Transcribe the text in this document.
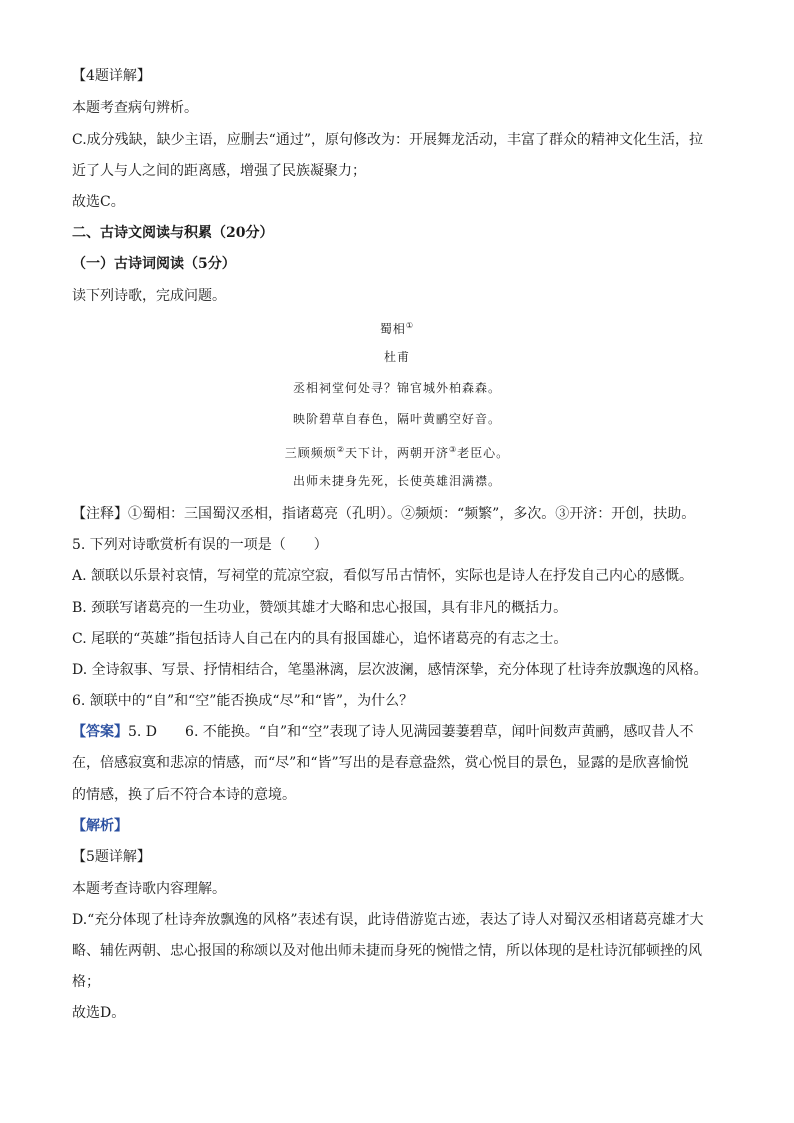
【4题详解】
本题考查病句辨析。
C.成分残缺，缺少主语，应删去“通过”，原句修改为：开展舞龙活动，丰富了群众的精神文化生活，拉
近了人与人之间的距离感，增强了民族凝聚力；
故选C。
二、古诗文阅读与积累（20分）
（一）古诗词阅读（5分）
读下列诗歌，完成问题。
蜀相①
杜甫
丞相祠堂何处寻？锦官城外柏森森。
映阶碧草自春色，隔叶黄鹂空好音。
三顾频烦②天下计，两朝开济③老臣心。
出师未捷身先死，长使英雄泪满襟。
【注释】①蜀相：三国蜀汉丞相，指诸葛亮（孔明）。②频烦：“频繁”，多次。③开济：开创，扶助。
5. 下列对诗歌赏析有误的一项是（　　）
A. 颔联以乐景衬哀情，写祠堂的荒凉空寂，看似写吊古情怀，实际也是诗人在抒发自己内心的感慨。
B. 颈联写诸葛亮的一生功业，赞颂其雄才大略和忠心报国，具有非凡的概括力。
C. 尾联的“英雄”指包括诗人自己在内的具有报国雄心，追怀诸葛亮的有志之士。
D. 全诗叙事、写景、抒情相结合，笔墨淋漓，层次波澜，感情深挚，充分体现了杜诗奔放飘逸的风格。
6. 颔联中的“自”和“空”能否换成“尽”和“皆”，为什么？
【答案】5. D 6. 不能换。“自”和“空”表现了诗人见满园萋萋碧草，闻叶间数声黄鹂，感叹昔人不
在，倍感寂寞和悲凉的情感，而“尽”和“皆”写出的是春意盎然，赏心悦目的景色，显露的是欣喜愉悦
的情感，换了后不符合本诗的意境。
【解析】
【5题详解】
本题考查诗歌内容理解。
D.“充分体现了杜诗奔放飘逸的风格”表述有误，此诗借游览古迹，表达了诗人对蜀汉丞相诸葛亮雄才大
略、辅佐两朝、忠心报国的称颂以及对他出师未捷而身死的惋惜之情，所以体现的是杜诗沉郁顿挫的风
格；
故选D。
